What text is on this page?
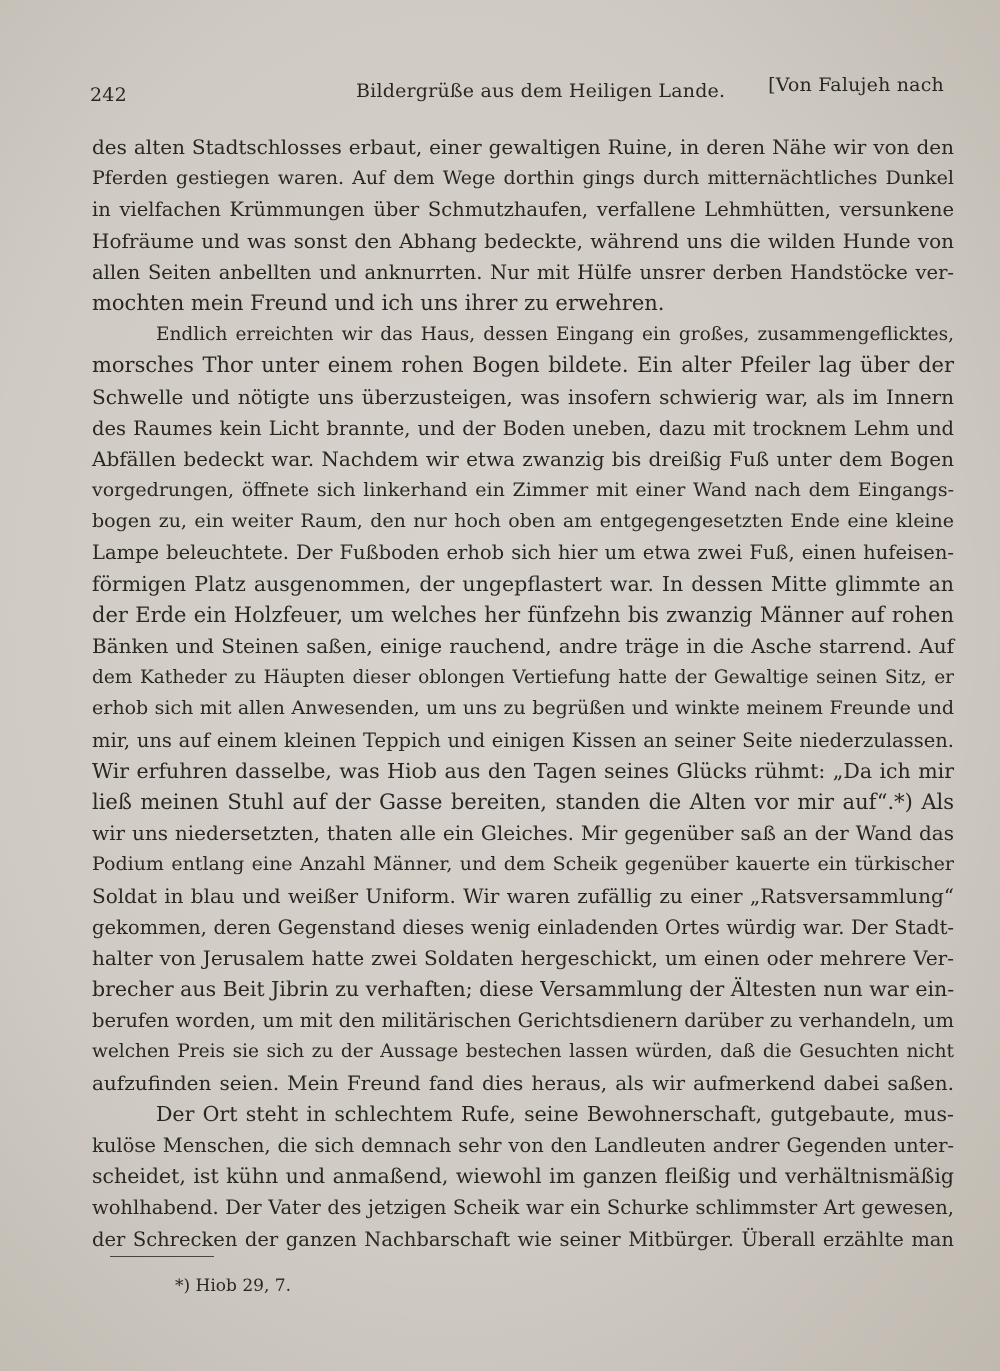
242	Bildergrüße aus dem Heiligen Lande. [Von Falujeh nach
des alten Stadtschlosses erbaut, einer gewaltigen Ruine, in deren Nähe wir von den
Pferden gestiegen waren. Auf dem Wege dorthin gings durch mitternächtliches Dunkel
in vielfachen Krümmungen über Schmutzhaufen, verfallene Lehmhütten, versunkene
Hofräume und was sonst den Abhang bedeckte, während uns die wilden Hunde von
allen Seiten anbellten und anknurrten. Nur mit Hülfe unsrer derben Handstöcke ver-
mochten mein Freund und ich uns ihrer zu erwehren.
Endlich erreichten wir das Haus, dessen Eingang ein großes, zusammengeflicktes,
morsches Thor unter einem rohen Bogen bildete. Ein alter Pfeiler lag über der
Schwelle und nötigte uns überzusteigen, was insofern schwierig war, als im Innern
des Raumes kein Licht brannte, und der Boden uneben, dazu mit trocknem Lehm und
Abfällen bedeckt war. Nachdem wir etwa zwanzig bis dreißig Fuß unter dem Bogen
vorgedrungen, öffnete sich linkerhand ein Zimmer mit einer Wand nach dem Eingangs-
bogen zu, ein weiter Raum, den nur hoch oben am entgegengesetzten Ende eine kleine
Lampe beleuchtete. Der Fußboden erhob sich hier um etwa zwei Fuß, einen hufeisen-
förmigen Platz ausgenommen, der ungepflastert war. In dessen Mitte glimmte an
der Erde ein Holzfeuer, um welches her fünfzehn bis zwanzig Männer auf rohen
Bänken und Steinen saßen, einige rauchend, andre träge in die Asche starrend. Auf
dem Katheder zu Häupten dieser oblongen Vertiefung hatte der Gewaltige seinen Sitz, er
erhob sich mit allen Anwesenden, um uns zu begrüßen und winkte meinem Freunde und
mir, uns auf einem kleinen Teppich und einigen Kissen an seiner Seite niederzulassen.
Wir erfuhren dasselbe, was Hiob aus den Tagen seines Glücks rühmt: „Da ich mir
ließ meinen Stuhl auf der Gasse bereiten, standen die Alten vor mir auf“.*) Als
wir uns niedersetzten, thaten alle ein Gleiches. Mir gegenüber saß an der Wand das
Podium entlang eine Anzahl Männer, und dem Scheik gegenüber kauerte ein türkischer
Soldat in blau und weißer Uniform. Wir waren zufällig zu einer „Ratsversammlung“
gekommen, deren Gegenstand dieses wenig einladenden Ortes würdig war. Der Stadt-
halter von Jerusalem hatte zwei Soldaten hergeschickt, um einen oder mehrere Ver-
brecher aus Beit Jibrin zu verhaften; diese Versammlung der Ältesten nun war ein-
berufen worden, um mit den militärischen Gerichtsdienern darüber zu verhandeln, um
welchen Preis sie sich zu der Aussage bestechen lassen würden, daß die Gesuchten nicht
aufzufinden seien. Mein Freund fand dies heraus, als wir aufmerkend dabei saßen.
Der Ort steht in schlechtem Rufe, seine Bewohnerschaft, gutgebaute, mus-
kulöse Menschen, die sich demnach sehr von den Landleuten andrer Gegenden unter-
scheidet, ist kühn und anmaßend, wiewohl im ganzen fleißig und verhältnismäßig
wohlhabend. Der Vater des jetzigen Scheik war ein Schurke schlimmster Art gewesen,
der Schrecken der ganzen Nachbarschaft wie seiner Mitbürger. Überall erzählte man
*) Hiob 29, 7.
